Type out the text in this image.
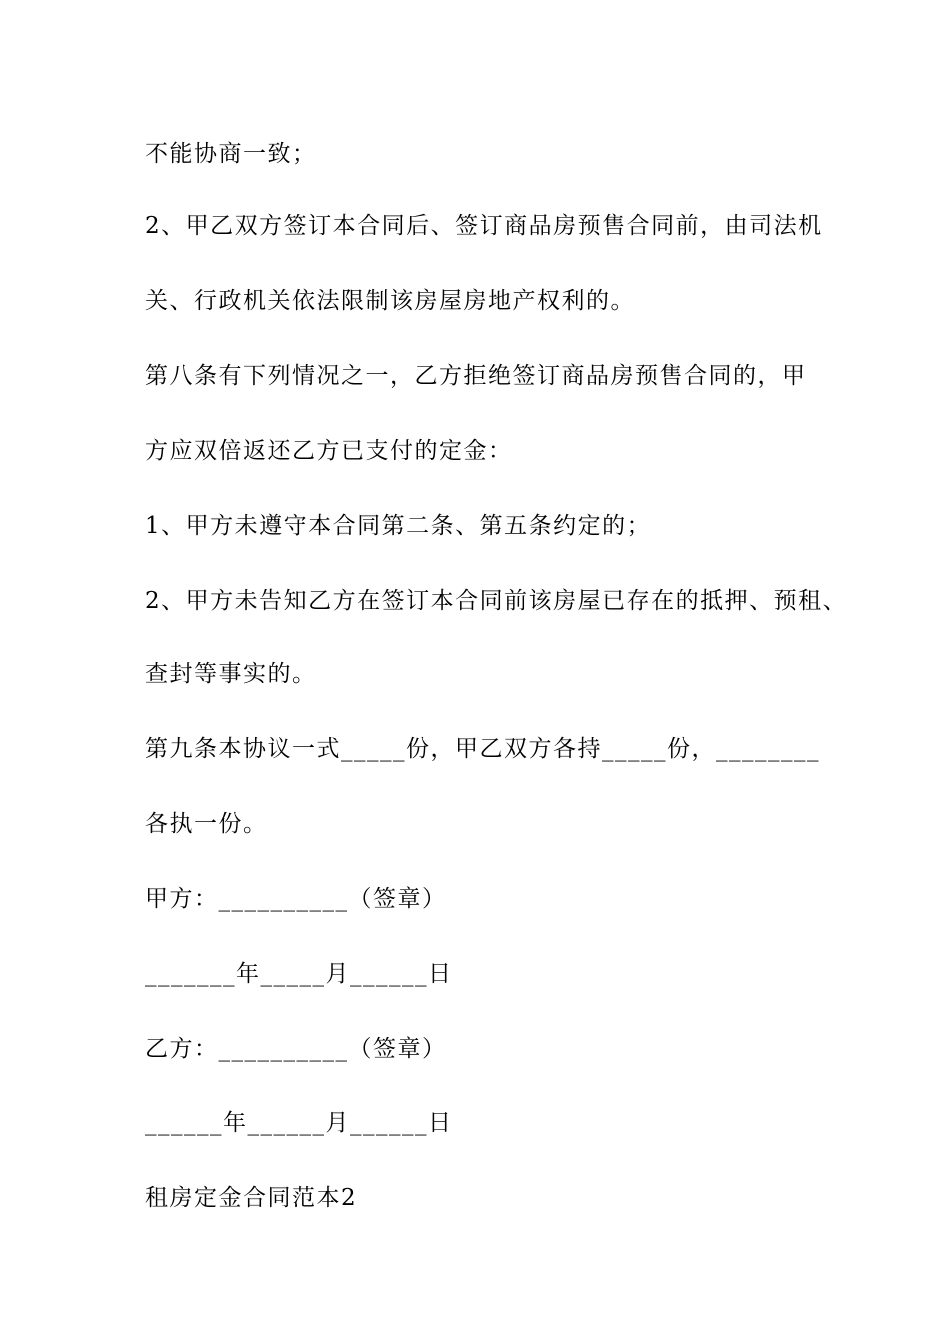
不能协商一致；
2、甲乙双方签订本合同后、签订商品房预售合同前，由司法机
关、行政机关依法限制该房屋房地产权利的。
第八条有下列情况之一，乙方拒绝签订商品房预售合同的，甲
方应双倍返还乙方已支付的定金：
1、甲方未遵守本合同第二条、第五条约定的；
2、甲方未告知乙方在签订本合同前该房屋已存在的抵押、预租、
查封等事实的。
第九条本协议一式_____份，甲乙双方各持_____份，________
各执一份。
甲方：__________（签章）
_______年_____月______日
乙方：__________（签章）
______年______月______日
租房定金合同范本2
